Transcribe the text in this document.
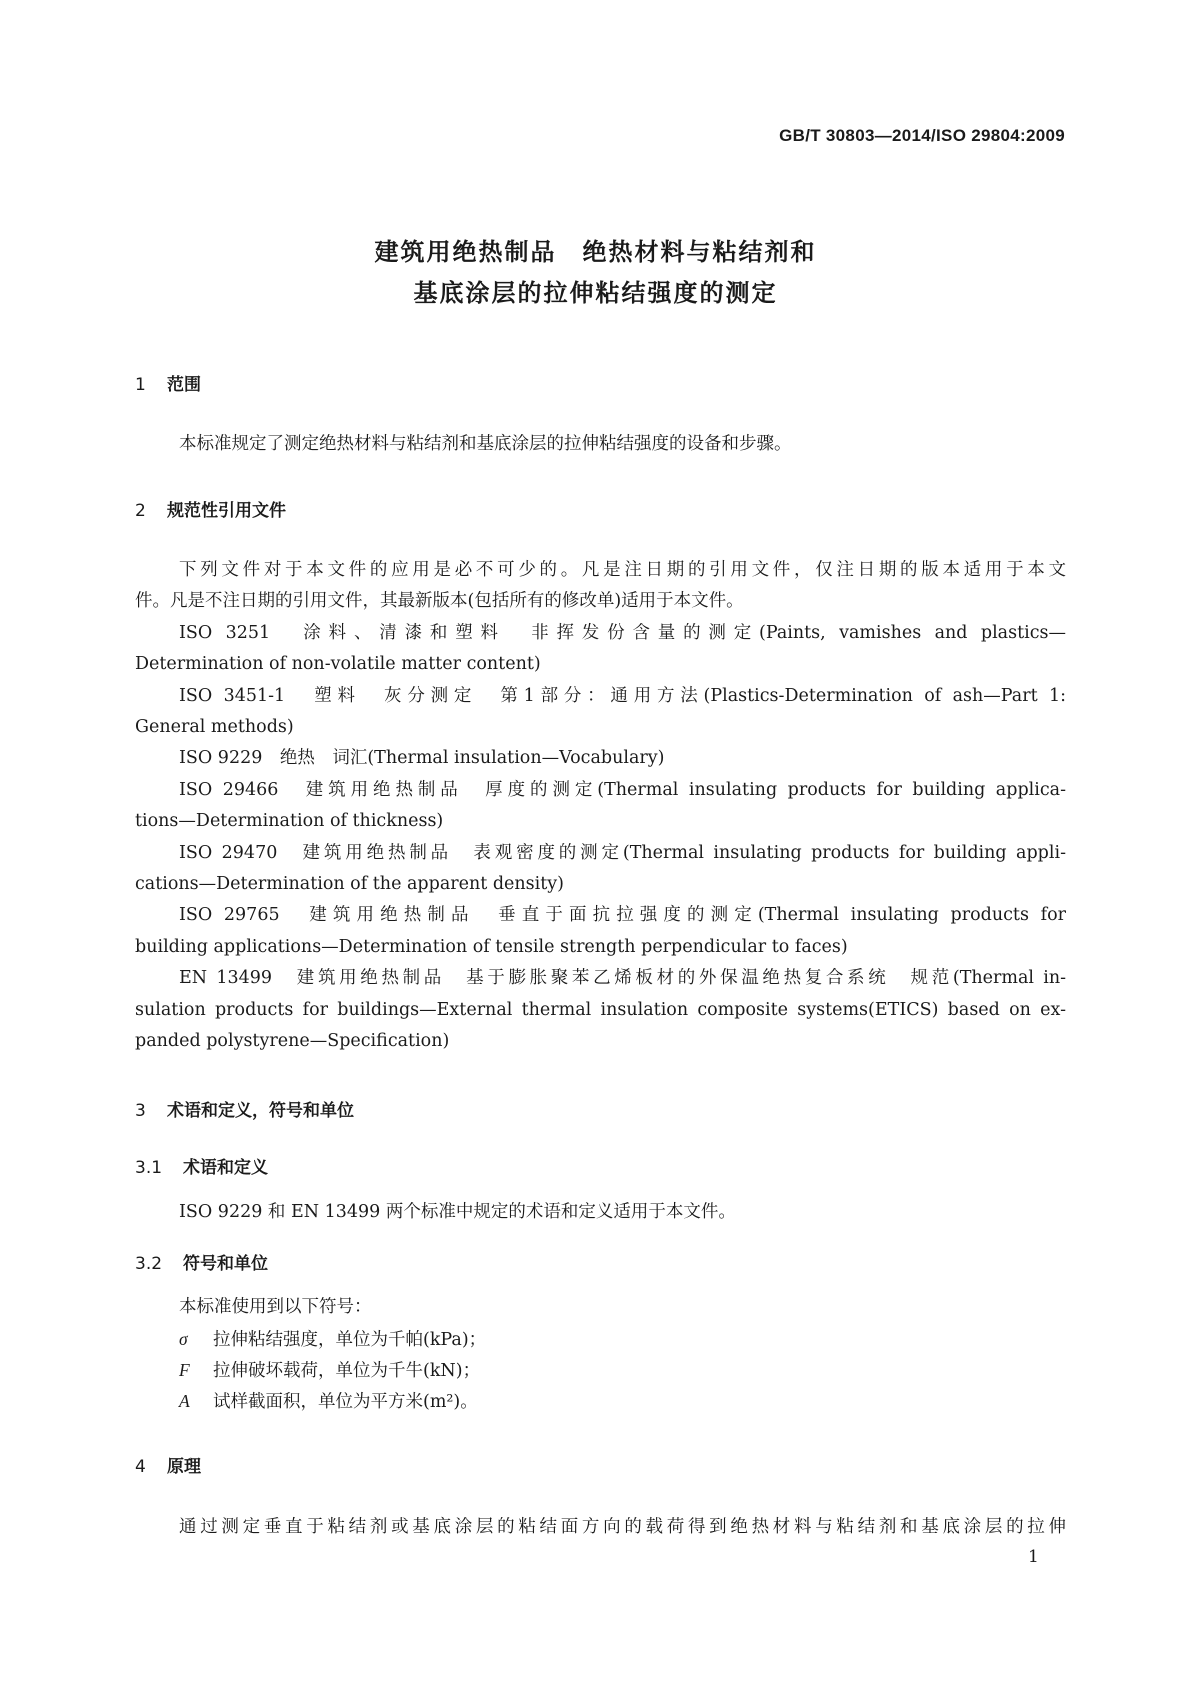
GB/T 30803—2014/ISO 29804:2009
建筑用绝热制品　绝热材料与粘结剂和
基底涂层的拉伸粘结强度的测定
1 范围
本标准规定了测定绝热材料与粘结剂和基底涂层的拉伸粘结强度的设备和步骤。
2 规范性引用文件
下列文件对于本文件的应用是必不可少的。凡是注日期的引用文件，仅注日期的版本适用于本文
件。凡是不注日期的引用文件，其最新版本(包括所有的修改单)适用于本文件。
ISO 3251　涂料、清漆和塑料　非挥发份含量的测定(Paints, vamishes and plastics—
Determination of non-volatile matter content)
ISO 3451-1　塑料　灰分测定　第1部分：通用方法(Plastics-Determination of ash—Part 1:
General methods)
ISO 9229　绝热　词汇(Thermal insulation—Vocabulary)
ISO 29466　建筑用绝热制品　厚度的测定(Thermal insulating products for building applica-
tions—Determination of thickness)
ISO 29470　建筑用绝热制品　表观密度的测定(Thermal insulating products for building appli-
cations—Determination of the apparent density)
ISO 29765　建筑用绝热制品　垂直于面抗拉强度的测定(Thermal insulating products for
building applications—Determination of tensile strength perpendicular to faces)
EN 13499　建筑用绝热制品　基于膨胀聚苯乙烯板材的外保温绝热复合系统　规范(Thermal in-
sulation products for buildings—External thermal insulation composite systems(ETICS) based on ex-
panded polystyrene—Specification)
3 术语和定义，符号和单位
3.1 术语和定义
ISO 9229 和 EN 13499 两个标准中规定的术语和定义适用于本文件。
3.2 符号和单位
本标准使用到以下符号：
σ 拉伸粘结强度，单位为千帕(kPa)；
F 拉伸破坏载荷，单位为千牛(kN)；
A 试样截面积，单位为平方米(m²)。
4 原理
通过测定垂直于粘结剂或基底涂层的粘结面方向的载荷得到绝热材料与粘结剂和基底涂层的拉伸
1
